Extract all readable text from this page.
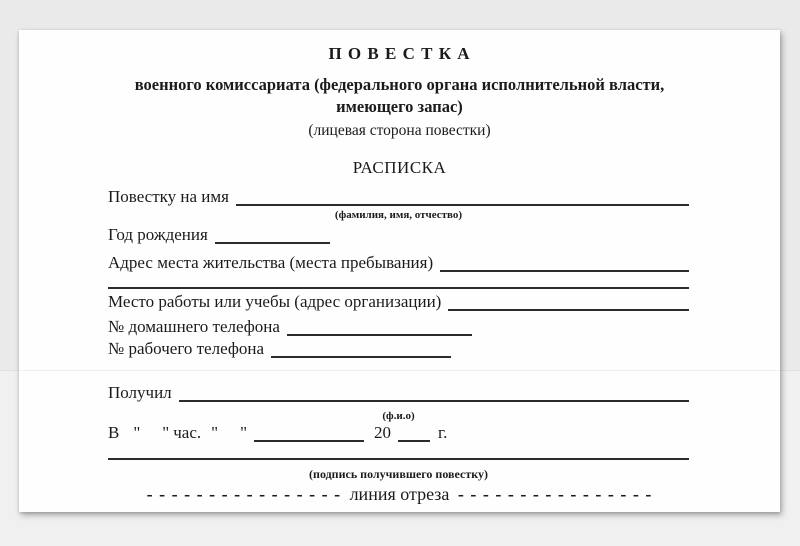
П О В Е С Т К А
военного комиссариата (федерального органа исполнительной власти,
имеющего запас)
(лицевая сторона повестки)
РАСПИСКА
Повестку на имя
(фамилия, имя, отчество)
Год рождения
Адрес места жительства (места пребывания)
Место работы или учебы (адрес организации)
№ домашнего телефона
№ рабочего телефона
Получил
(ф.и.о)
В " " час. " "	20	г.
(подпись получившего повестку)
- - - - - - - - - - - - - - - - линия отреза - - - - - - - - - - - - - - - -
